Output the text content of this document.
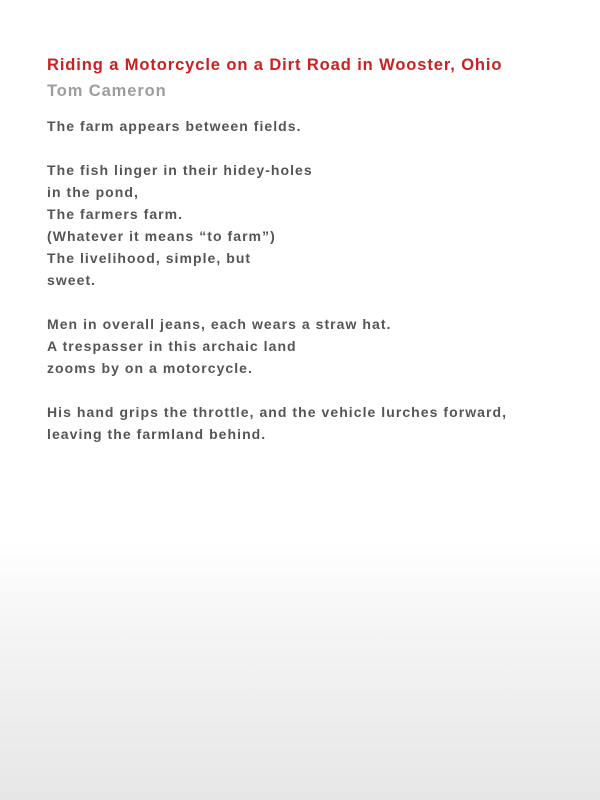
Riding a Motorcycle on a Dirt Road in Wooster, Ohio
Tom Cameron
The farm appears between fields.
The fish linger in their hidey-holes
in the pond,
The farmers farm.
(Whatever it means “to farm”)
The livelihood, simple, but
sweet.
Men in overall jeans, each wears a straw hat.
A trespasser in this archaic land
zooms by on a motorcycle.
His hand grips the throttle, and the vehicle lurches forward,
leaving the farmland behind.
